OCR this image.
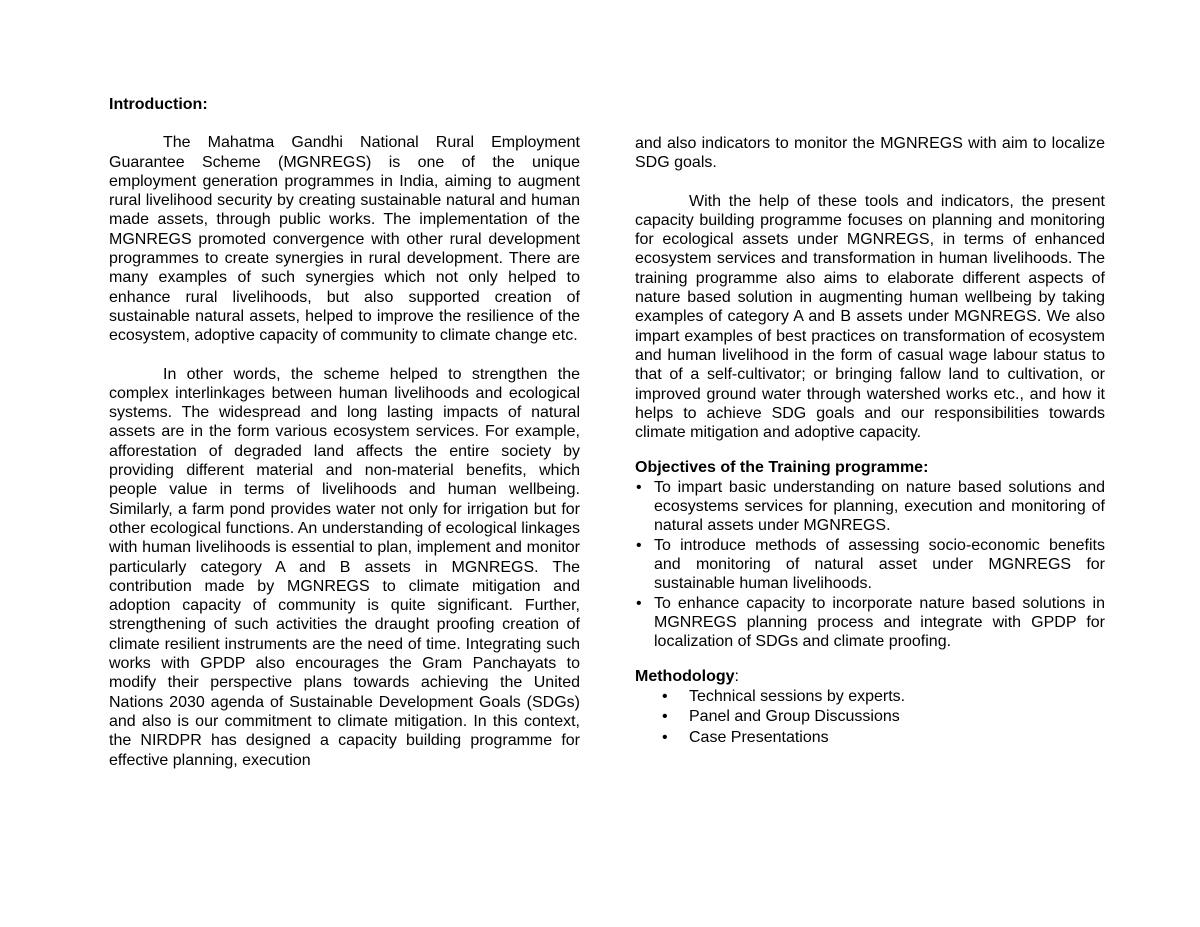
Introduction:

The Mahatma Gandhi National Rural Employment Guarantee Scheme (MGNREGS) is one of the unique employment generation programmes in India, aiming to augment rural livelihood security by creating sustainable natural and human made assets, through public works. The implementation of the MGNREGS promoted convergence with other rural development programmes to create synergies in rural development. There are many examples of such synergies which not only helped to enhance rural livelihoods, but also supported creation of sustainable natural assets, helped to improve the resilience of the ecosystem, adoptive capacity of community to climate change etc.

In other words, the scheme helped to strengthen the complex interlinkages between human livelihoods and ecological systems. The widespread and long lasting impacts of natural assets are in the form various ecosystem services. For example, afforestation of degraded land affects the entire society by providing different material and non-material benefits, which people value in terms of livelihoods and human wellbeing. Similarly, a farm pond provides water not only for irrigation but for other ecological functions. An understanding of ecological linkages with human livelihoods is essential to plan, implement and monitor particularly category A and B assets in MGNREGS. The contribution made by MGNREGS to climate mitigation and adoption capacity of community is quite significant. Further, strengthening of such activities the draught proofing creation of climate resilient instruments are the need of time. Integrating such works with GPDP also encourages the Gram Panchayats to modify their perspective plans towards achieving the United Nations 2030 agenda of Sustainable Development Goals (SDGs) and also is our commitment to climate mitigation. In this context, the NIRDPR has designed a capacity building programme for effective planning, execution

and also indicators to monitor the MGNREGS with aim to localize SDG goals.

With the help of these tools and indicators, the present capacity building programme focuses on planning and monitoring for ecological assets under MGNREGS, in terms of enhanced ecosystem services and transformation in human livelihoods. The training programme also aims to elaborate different aspects of nature based solution in augmenting human wellbeing by taking examples of category A and B assets under MGNREGS. We also impart examples of best practices on transformation of ecosystem and human livelihood in the form of casual wage labour status to that of a self-cultivator; or bringing fallow land to cultivation, or improved ground water through watershed works etc., and how it helps to achieve SDG goals and our responsibilities towards climate mitigation and adoptive capacity.

Objectives of the Training programme:

• To impart basic understanding on nature based solutions and ecosystems services for planning, execution and monitoring of natural assets under MGNREGS.
• To introduce methods of assessing socio-economic benefits and monitoring of natural asset under MGNREGS for sustainable human livelihoods.
• To enhance capacity to incorporate nature based solutions in MGNREGS planning process and integrate with GPDP for localization of SDGs and climate proofing.

Methodology:

• Technical sessions by experts.
• Panel and Group Discussions
• Case Presentations
